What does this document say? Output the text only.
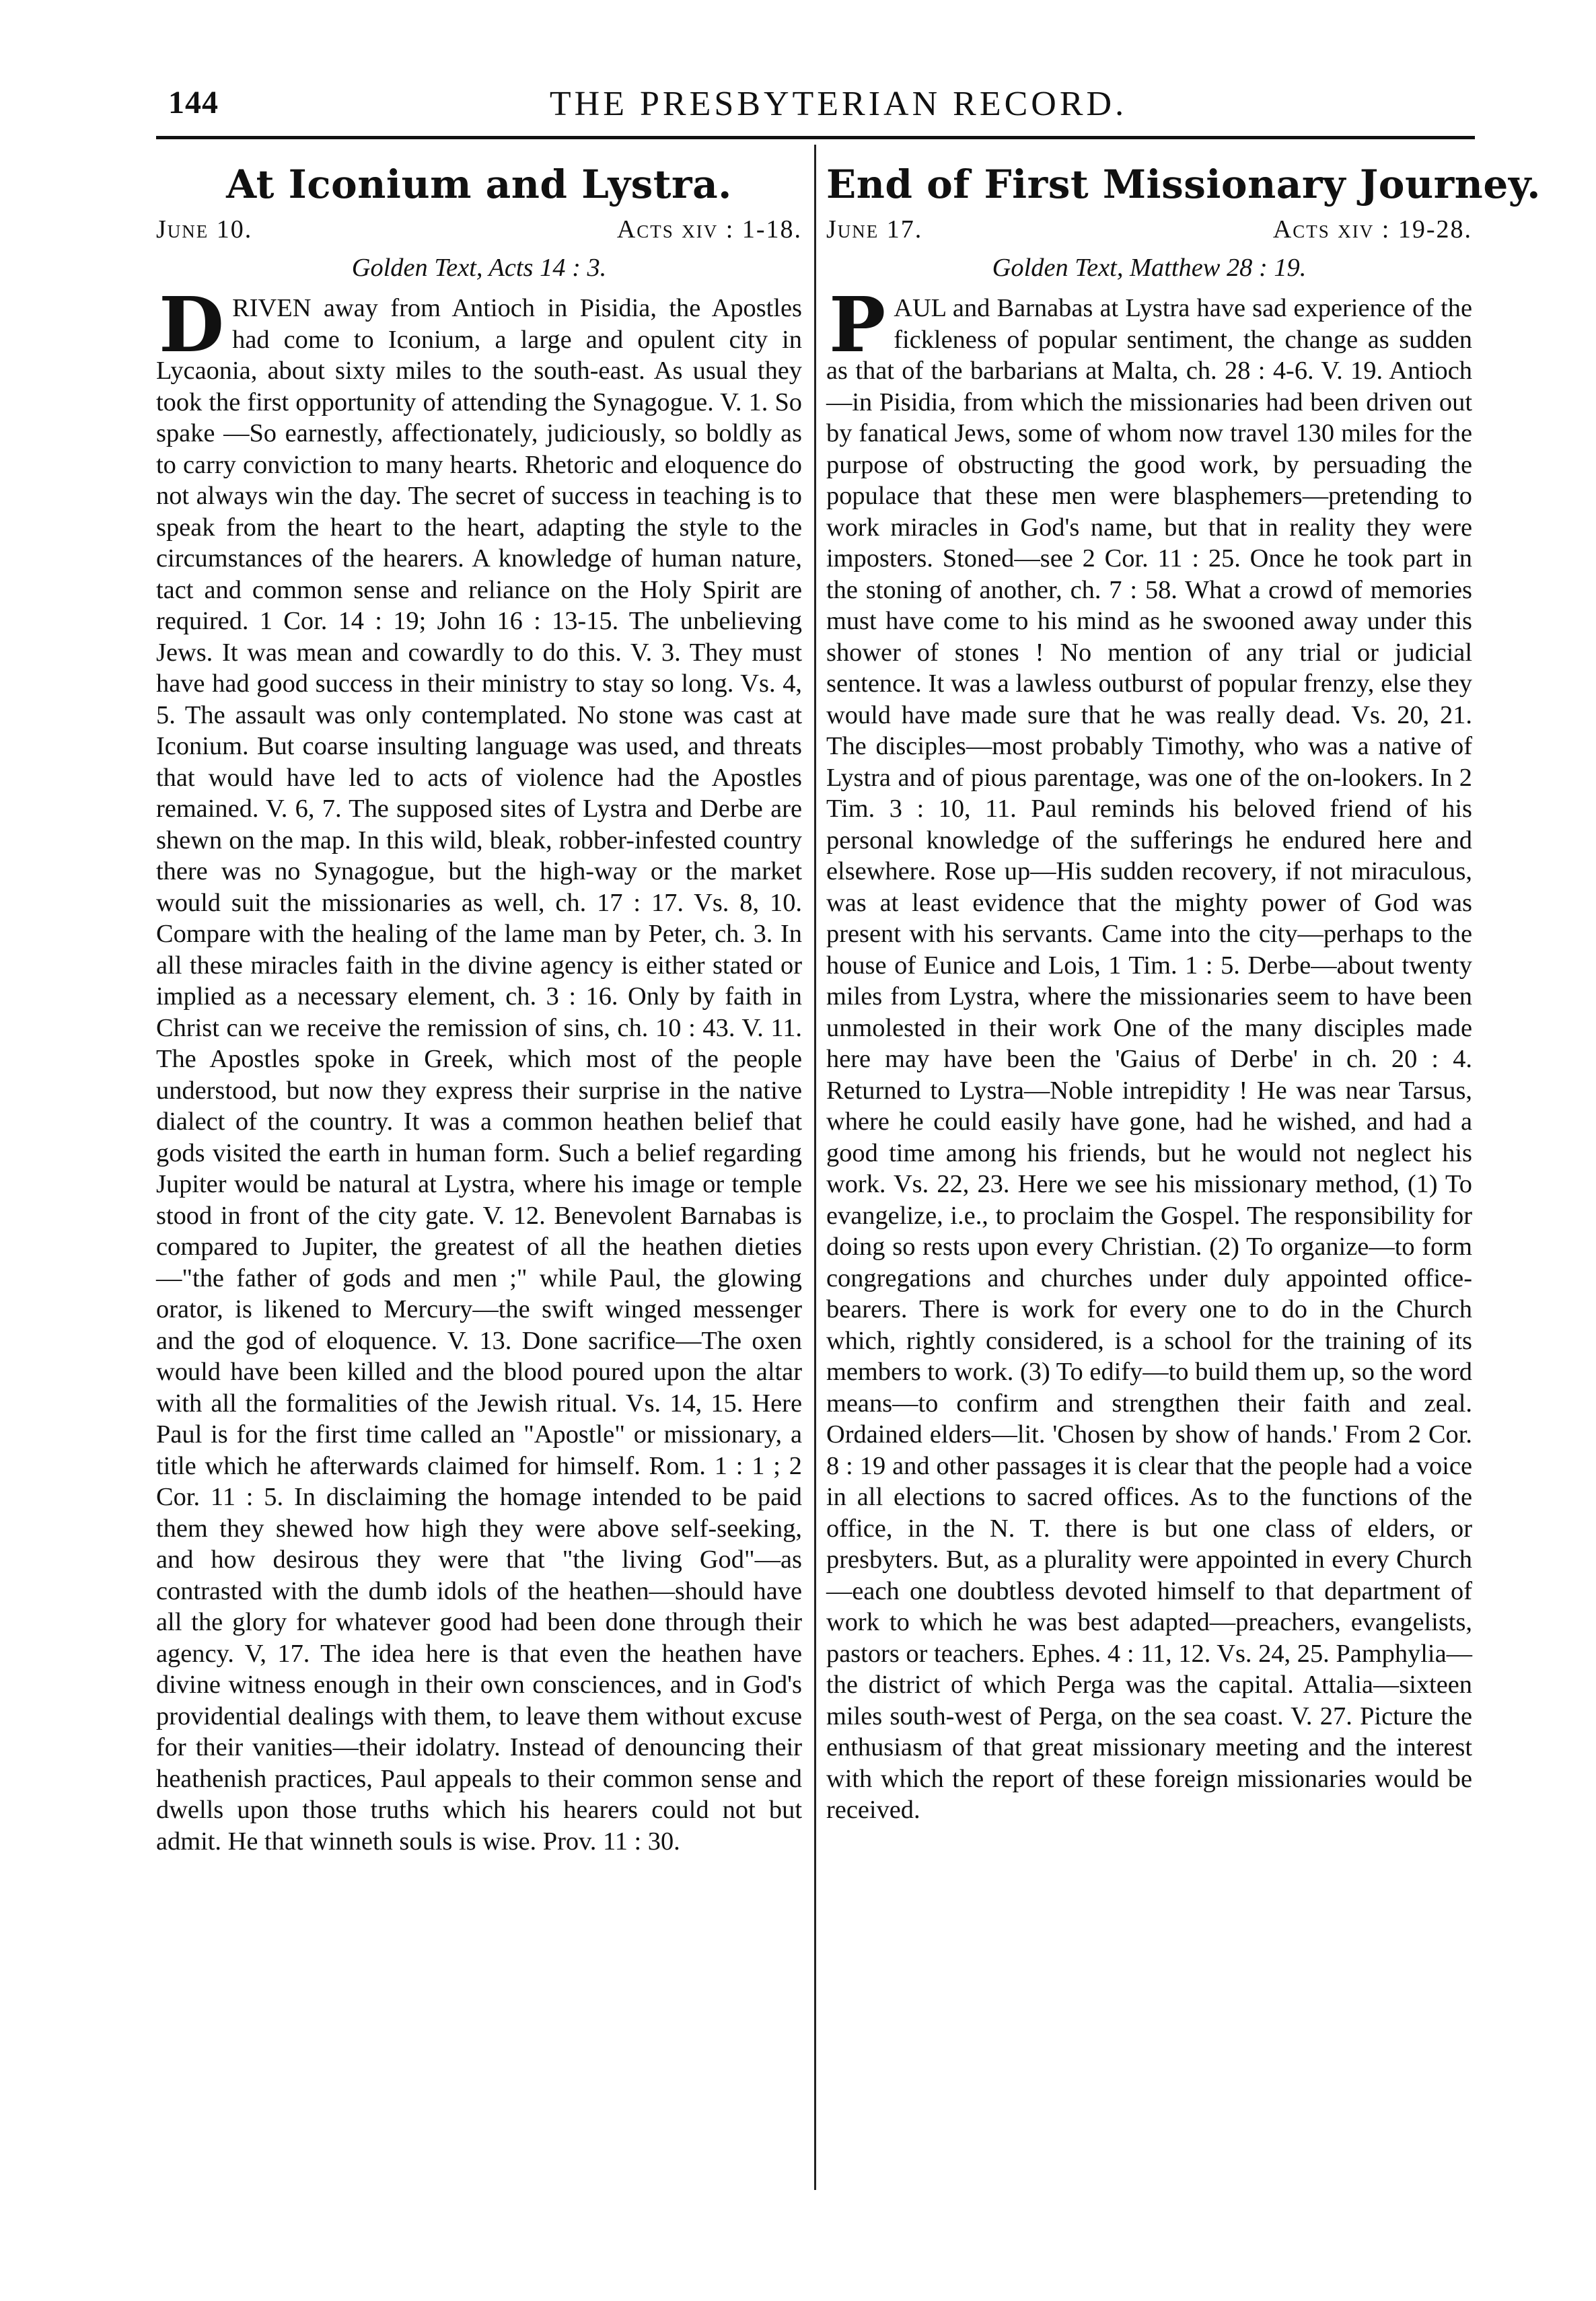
144	THE PRESBYTERIAN RECORD.
At Iconium and Lystra.
June 10.	Acts xiv : 1-18.
Golden Text, Acts 14 : 3.
D RIVEN away from Antioch in Pisidia, the Apostles had come to Iconium, a large and opulent city in Lycaonia, about sixty miles to the south-east. As usual they took the first opportunity of attending the Synagogue. V. 1. So spake —So earnestly, affectionately, judiciously, so boldly as to carry conviction to many hearts. Rhetoric and eloquence do not always win the day. The secret of success in teaching is to speak from the heart to the heart, adapting the style to the circumstances of the hearers. A knowledge of human nature, tact and common sense and reliance on the Holy Spirit are required. 1 Cor. 14 : 19; John 16 : 13-15. The unbelieving Jews. It was mean and cowardly to do this. V. 3. They must have had good success in their ministry to stay so long. Vs. 4, 5. The assault was only contemplated. No stone was cast at Iconium. But coarse insulting language was used, and threats that would have led to acts of violence had the Apostles remained. V. 6, 7. The supposed sites of Lystra and Derbe are shewn on the map. In this wild, bleak, robber-infested country there was no Synagogue, but the high-way or the market would suit the missionaries as well, ch. 17 : 17. Vs. 8, 10. Compare with the healing of the lame man by Peter, ch. 3. In all these miracles faith in the divine agency is either stated or implied as a necessary element, ch. 3 : 16. Only by faith in Christ can we receive the remission of sins, ch. 10 : 43. V. 11. The Apostles spoke in Greek, which most of the people understood, but now they express their surprise in the native dialect of the country. It was a common heathen belief that gods visited the earth in human form. Such a belief regarding Jupiter would be natural at Lystra, where his image or temple stood in front of the city gate. V. 12. Benevolent Barnabas is compared to Jupiter, the greatest of all the heathen dieties—"the father of gods and men ;" while Paul, the glowing orator, is likened to Mercury—the swift winged messenger and the god of eloquence. V. 13. Done sacrifice—The oxen would have been killed and the blood poured upon the altar with all the formalities of the Jewish ritual. Vs. 14, 15. Here Paul is for the first time called an "Apostle" or missionary, a title which he afterwards claimed for himself. Rom. 1 : 1 ; 2 Cor. 11 : 5. In disclaiming the homage intended to be paid them they shewed how high they were above self-seeking, and how desirous they were that "the living God"—as contrasted with the dumb idols of the heathen—should have all the glory for whatever good had been done through their agency. V, 17. The idea here is that even the heathen have divine witness enough in their own consciences, and in God's providential dealings with them, to leave them without excuse for their vanities—their idolatry. Instead of denouncing their heathenish practices, Paul appeals to their common sense and dwells upon those truths which his hearers could not but admit. He that winneth souls is wise. Prov. 11 : 30.
End of First Missionary Journey.
June 17.	Acts xiv : 19-28.
Golden Text, Matthew 28 : 19.
P AUL and Barnabas at Lystra have sad experience of the fickleness of popular sentiment, the change as sudden as that of the barbarians at Malta, ch. 28 : 4-6. V. 19. Antioch—in Pisidia, from which the missionaries had been driven out by fanatical Jews, some of whom now travel 130 miles for the purpose of obstructing the good work, by persuading the populace that these men were blasphemers—pretending to work miracles in God's name, but that in reality they were imposters. Stoned—see 2 Cor. 11 : 25. Once he took part in the stoning of another, ch. 7 : 58. What a crowd of memories must have come to his mind as he swooned away under this shower of stones ! No mention of any trial or judicial sentence. It was a lawless outburst of popular frenzy, else they would have made sure that he was really dead. Vs. 20, 21. The disciples—most probably Timothy, who was a native of Lystra and of pious parentage, was one of the on-lookers. In 2 Tim. 3 : 10, 11. Paul reminds his beloved friend of his personal knowledge of the sufferings he endured here and elsewhere. Rose up—His sudden recovery, if not miraculous, was at least evidence that the mighty power of God was present with his servants. Came into the city—perhaps to the house of Eunice and Lois, 1 Tim. 1 : 5. Derbe—about twenty miles from Lystra, where the missionaries seem to have been unmolested in their work One of the many disciples made here may have been the 'Gaius of Derbe' in ch. 20 : 4. Returned to Lystra—Noble intrepidity ! He was near Tarsus, where he could easily have gone, had he wished, and had a good time among his friends, but he would not neglect his work. Vs. 22, 23. Here we see his missionary method, (1) To evangelize, i.e., to proclaim the Gospel. The responsibility for doing so rests upon every Christian. (2) To organize—to form congregations and churches under duly appointed office-bearers. There is work for every one to do in the Church which, rightly considered, is a school for the training of its members to work. (3) To edify—to build them up, so the word means—to confirm and strengthen their faith and zeal. Ordained elders—lit. 'Chosen by show of hands.' From 2 Cor. 8 : 19 and other passages it is clear that the people had a voice in all elections to sacred offices. As to the functions of the office, in the N. T. there is but one class of elders, or presbyters. But, as a plurality were appointed in every Church—each one doubtless devoted himself to that department of work to which he was best adapted—preachers, evangelists, pastors or teachers. Ephes. 4 : 11, 12. Vs. 24, 25. Pamphylia—the district of which Perga was the capital. Attalia—sixteen miles south-west of Perga, on the sea coast. V. 27. Picture the enthusiasm of that great missionary meeting and the interest with which the report of these foreign missionaries would be received.
